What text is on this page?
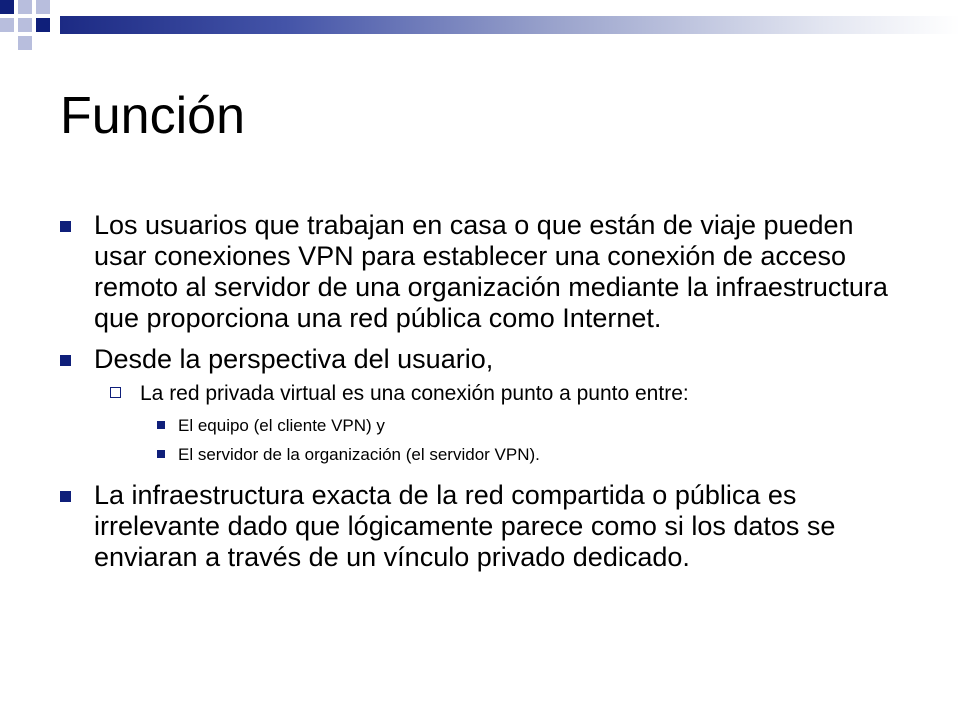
Función
Los usuarios que trabajan en casa o que están de viaje pueden usar conexiones VPN para establecer una conexión de acceso remoto al servidor de una organización mediante la infraestructura que proporciona una red pública como Internet.
Desde la perspectiva del usuario,
La red privada virtual es una conexión punto a punto entre:
El equipo (el cliente VPN) y
El servidor de la organización (el servidor VPN).
La infraestructura exacta de la red compartida o pública es irrelevante dado que lógicamente parece como si los datos se enviaran a través de un vínculo privado dedicado.
